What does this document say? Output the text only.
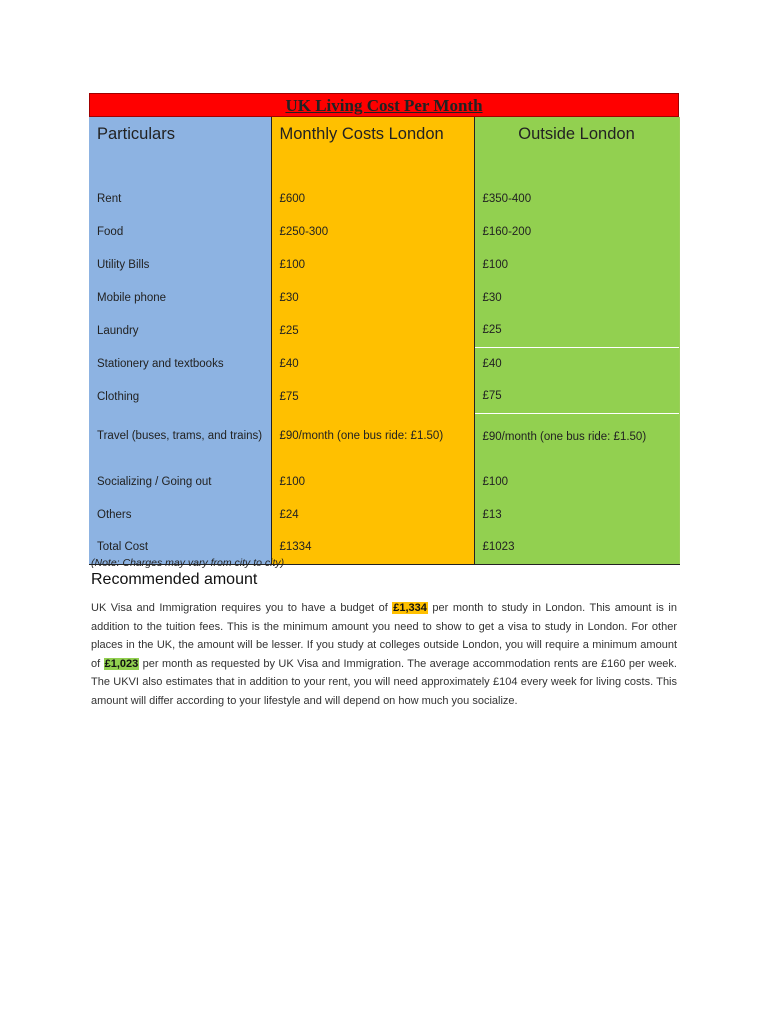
UK Living Cost Per Month
Particulars	Monthly Costs London	Outside London
Rent	£600	£350-400
Food	£250-300	£160-200
Utility Bills	£100	£100
Mobile phone	£30	£30
Laundry	£25	£25
Stationery and textbooks	£40	£40
Clothing	£75	£75
Travel (buses, trams, and trains)	£90/month (one bus ride: £1.50)	£90/month (one bus ride: £1.50)
Socializing / Going out	£100	£100
Others	£24	£13
Total Cost	£1334	£1023
(Note: Charges may vary from city to city)
Recommended amount

UK Visa and Immigration requires you to have a budget of £1,334 per month to study in London. This amount is in addition to the tuition fees. This is the minimum amount you need to show to get a visa to study in London. For other places in the UK, the amount will be lesser. If you study at colleges outside London, you will require a minimum amount of £1,023 per month as requested by UK Visa and Immigration. The average accommodation rents are £160 per week. The UKVI also estimates that in addition to your rent, you will need approximately £104 every week for living costs. This amount will differ according to your lifestyle and will depend on how much you socialize.
